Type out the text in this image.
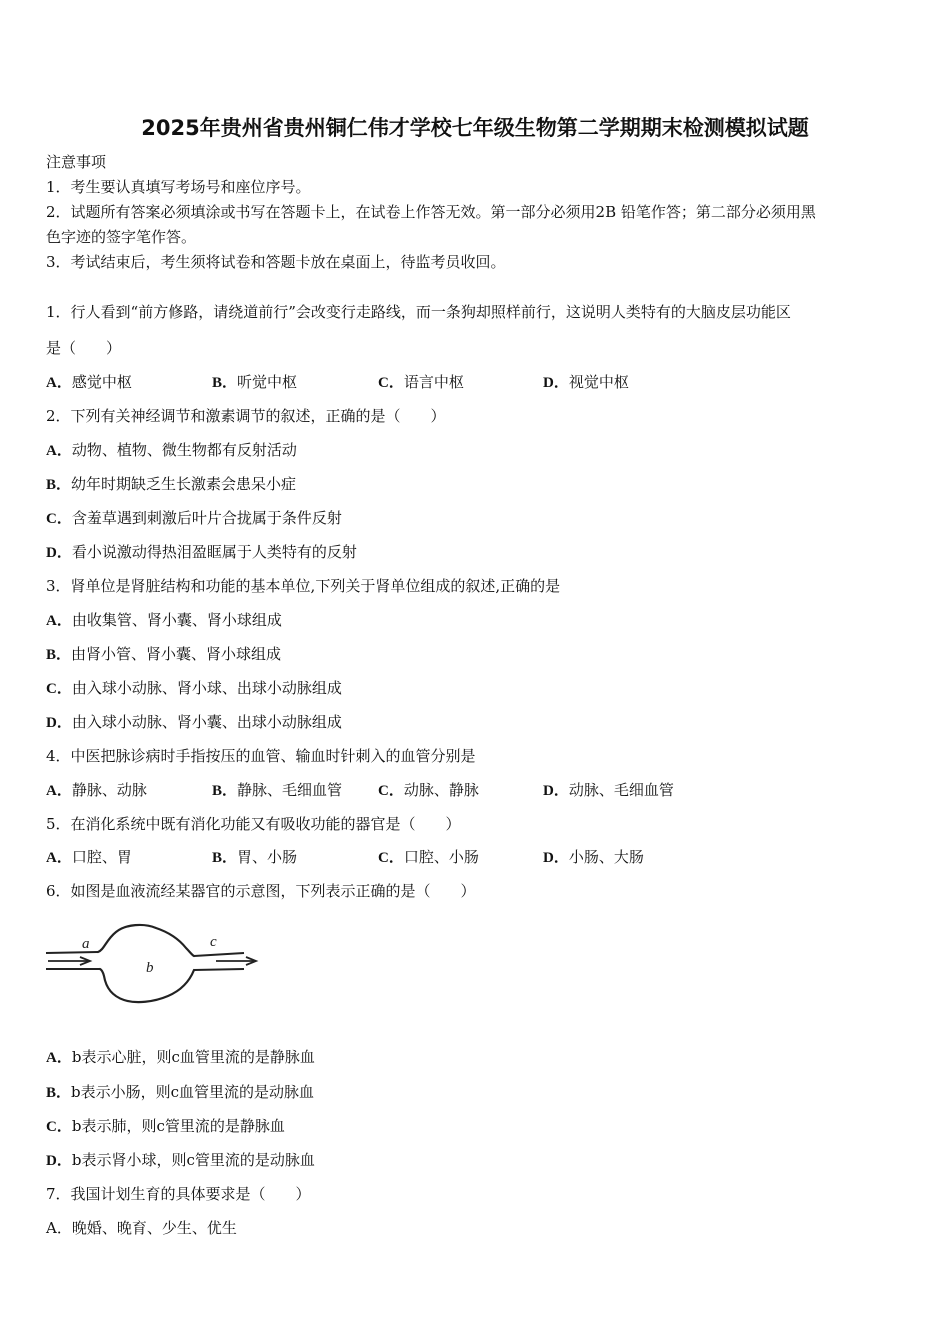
2025年贵州省贵州铜仁伟才学校七年级生物第二学期期末检测模拟试题
注意事项
1．考生要认真填写考场号和座位序号。
2．试题所有答案必须填涂或书写在答题卡上，在试卷上作答无效。第一部分必须用2B 铅笔作答；第二部分必须用黑
色字迹的签字笔作答。
3．考试结束后，考生须将试卷和答题卡放在桌面上，待监考员收回。
1．行人看到“前方修路，请绕道前行”会改变行走路线，而一条狗却照样前行，这说明人类特有的大脑皮层功能区
是（　　）
A．感觉中枢	B．听觉中枢	C．语言中枢	D．视觉中枢
2．下列有关神经调节和激素调节的叙述，正确的是（　　）
A．动物、植物、微生物都有反射活动
B．幼年时期缺乏生长激素会患呆小症
C．含羞草遇到刺激后叶片合拢属于条件反射
D．看小说激动得热泪盈眶属于人类特有的反射
3．肾单位是肾脏结构和功能的基本单位,下列关于肾单位组成的叙述,正确的是
A．由收集管、肾小囊、肾小球组成
B．由肾小管、肾小囊、肾小球组成
C．由入球小动脉、肾小球、出球小动脉组成
D．由入球小动脉、肾小囊、出球小动脉组成
4．中医把脉诊病时手指按压的血管、输血时针刺入的血管分别是
A．静脉、动脉	B．静脉、毛细血管 C．动脉、静脉	D．动脉、毛细血管
5．在消化系统中既有消化功能又有吸收功能的器官是（　　）
A．口腔、胃	B．胃、小肠	C．口腔、小肠	D．小肠、大肠
6．如图是血液流经某器官的示意图，下列表示正确的是（　　）
a
b
c
A．b表示心脏，则c血管里流的是静脉血
B．b表示小肠，则c血管里流的是动脉血
C．b表示肺，则c管里流的是静脉血
D．b表示肾小球，则c管里流的是动脉血
7．我国计划生育的具体要求是（　　）
A．晚婚、晚育、少生、优生
